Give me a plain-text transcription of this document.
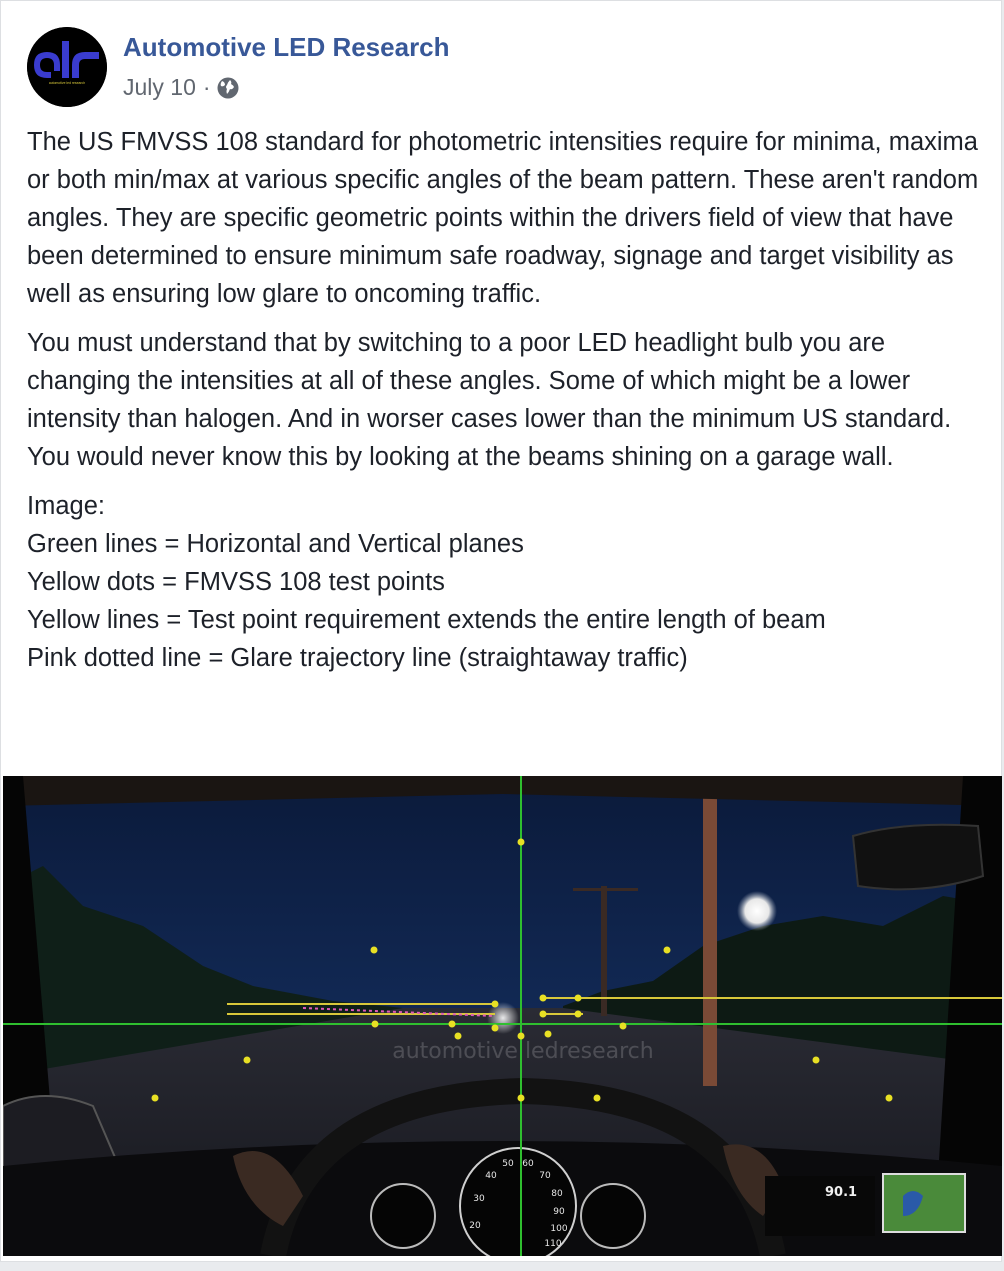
automotive led research
Automotive LED Research
July 10 ·

The US FMVSS 108 standard for photometric intensities require for minima, maxima or both min/max at various specific angles of the beam pattern. These aren't random angles. They are specific geometric points within the drivers field of view that have been determined to ensure minimum safe roadway, signage and target visibility as well as ensuring low glare to oncoming traffic.

You must understand that by switching to a poor LED headlight bulb you are changing the intensities at all of these angles. Some of which might be a lower intensity than halogen. And in worser cases lower than the minimum US standard. You would never know this by looking at the beams shining on a garage wall.

Image:
Green lines = Horizontal and Vertical planes
Yellow dots = FMVSS 108 test points
Yellow lines = Test point requirement extends the entire length of beam
Pink dotted line = Glare trajectory line (straightaway traffic)

20
30
40
50 60
70
80
90
100
110
90.1
automotive ledresearch
